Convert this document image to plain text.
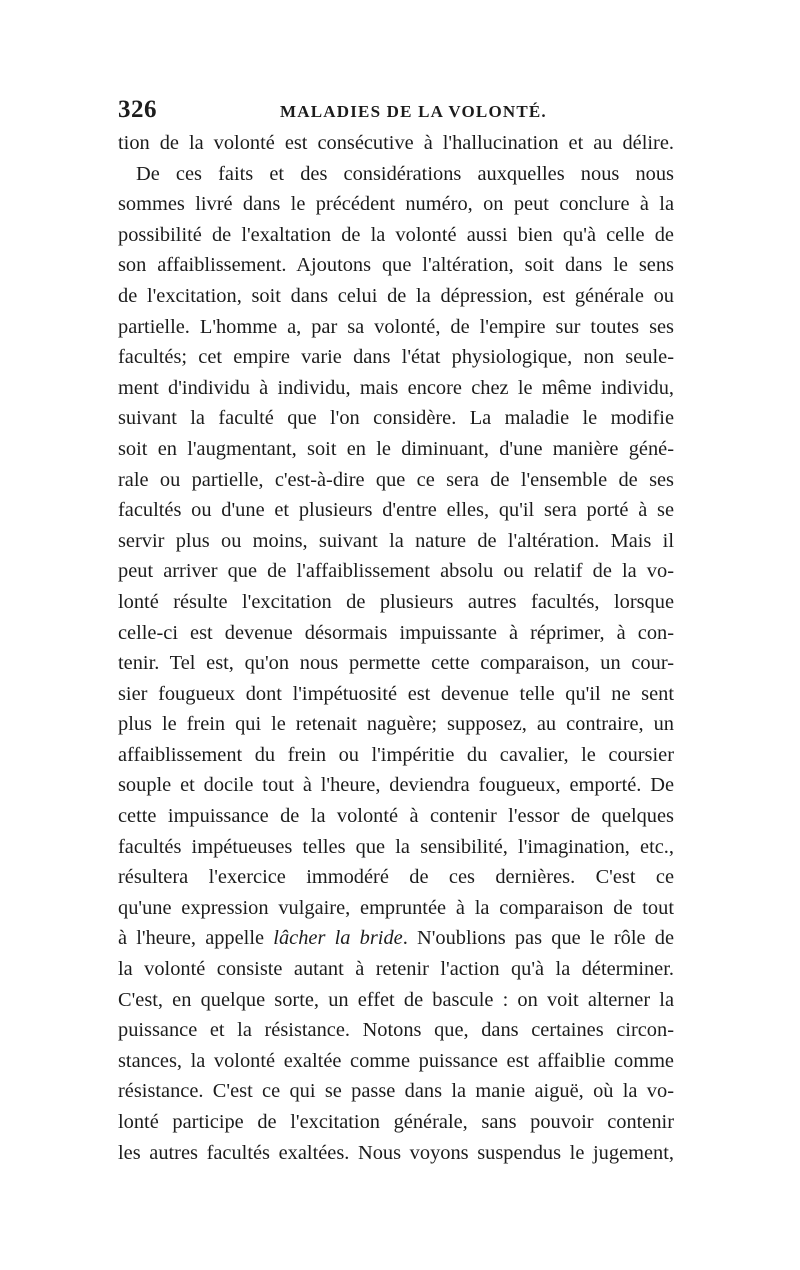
326	MALADIES DE LA VOLONTÉ.
tion de la volonté est consécutive à l'hallucination et au délire.
De ces faits et des considérations auxquelles nous nous
sommes livré dans le précédent numéro, on peut conclure à la
possibilité de l'exaltation de la volonté aussi bien qu'à celle de
son affaiblissement. Ajoutons que l'altération, soit dans le sens
de l'excitation, soit dans celui de la dépression, est générale ou
partielle. L'homme a, par sa volonté, de l'empire sur toutes ses
facultés; cet empire varie dans l'état physiologique, non seule-
ment d'individu à individu, mais encore chez le même individu,
suivant la faculté que l'on considère. La maladie le modifie
soit en l'augmentant, soit en le diminuant, d'une manière géné-
rale ou partielle, c'est-à-dire que ce sera de l'ensemble de ses
facultés ou d'une et plusieurs d'entre elles, qu'il sera porté à se
servir plus ou moins, suivant la nature de l'altération. Mais il
peut arriver que de l'affaiblissement absolu ou relatif de la vo-
lonté résulte l'excitation de plusieurs autres facultés, lorsque
celle-ci est devenue désormais impuissante à réprimer, à con-
tenir. Tel est, qu'on nous permette cette comparaison, un cour-
sier fougueux dont l'impétuosité est devenue telle qu'il ne sent
plus le frein qui le retenait naguère; supposez, au contraire, un
affaiblissement du frein ou l'impéritie du cavalier, le coursier
souple et docile tout à l'heure, deviendra fougueux, emporté. De
cette impuissance de la volonté à contenir l'essor de quelques
facultés impétueuses telles que la sensibilité, l'imagination, etc.,
résultera l'exercice immodéré de ces dernières. C'est ce
qu'une expression vulgaire, empruntée à la comparaison de tout
à l'heure, appelle lâcher la bride. N'oublions pas que le rôle de
la volonté consiste autant à retenir l'action qu'à la déterminer.
C'est, en quelque sorte, un effet de bascule : on voit alterner la
puissance et la résistance. Notons que, dans certaines circon-
stances, la volonté exaltée comme puissance est affaiblie comme
résistance. C'est ce qui se passe dans la manie aiguë, où la vo-
lonté participe de l'excitation générale, sans pouvoir contenir
les autres facultés exaltées. Nous voyons suspendus le jugement,
